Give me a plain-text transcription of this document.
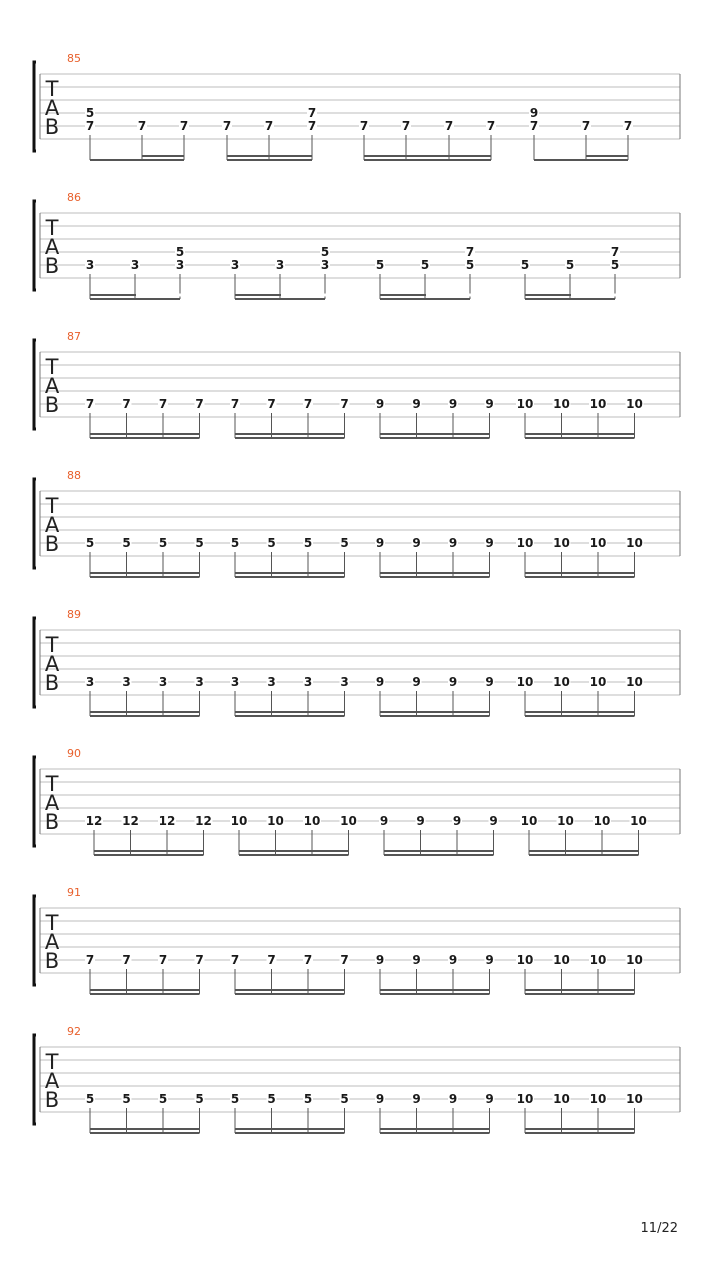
T
A
B
85
5
7	7	7	7	7
7
7	7	7	7	7
9
7	7	7
T
A
B
86
3	3
5
3	3	3
5
3	5	5
7
5	5	5
7
5
T
A
B
87
7 7 7 7 7 7 7 7 9 9 9 9 10 10 10 10
T
A
B
88
5 5 5 5 5 5 5 5 9 9 9 9 10 10 10 10
T
A
B
89
3 3 3 3 3 3 3 3 9 9 9 9 10 10 10 10
T
A
B
90
12 12 12 12 10 10 10 10 9 9 9 9 10 10 10 10
T
A
B
91
7 7 7 7 7 7 7 7 9 9 9 9 10 10 10 10
T
A
B
92
5 5 5 5 5 5 5 5 9 9 9 9 10 10 10 10
11/22
